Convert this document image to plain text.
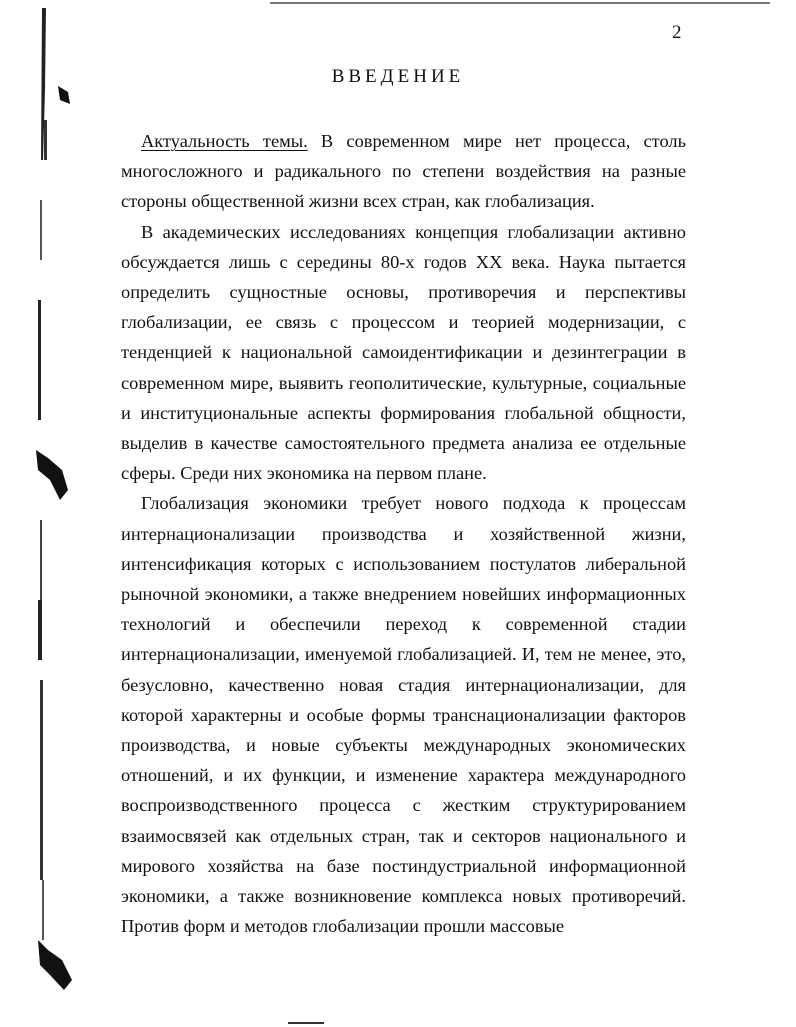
2
ВВЕДЕНИЕ

Актуальность темы. В современном мире нет процесса, столь многосложного и радикального по степени воздействия на разные стороны общественной жизни всех стран, как глобализация.

В академических исследованиях концепция глобализации активно обсуждается лишь с середины 80-х годов XX века. Наука пытается определить сущностные основы, противоречия и перспективы глобализации, ее связь с процессом и теорией модернизации, с тенденцией к национальной самоидентификации и дезинтеграции в современном мире, выявить геополитические, культурные, социальные и институциональные аспекты формирования глобальной общности, выделив в качестве самостоятельного предмета анализа ее отдельные сферы. Среди них экономика на первом плане.

Глобализация экономики требует нового подхода к процессам интернационализации производства и хозяйственной жизни, интенсификация которых с использованием постулатов либеральной рыночной экономики, а также внедрением новейших информационных технологий и обеспечили переход к современной стадии интернационализации, именуемой глобализацией. И, тем не менее, это, безусловно, качественно новая стадия интернационализации, для которой характерны и особые формы транснационализации факторов производства, и новые субъекты международных экономических отношений, и их функции, и изменение характера международного воспроизводственного процесса с жестким структурированием взаимосвязей как отдельных стран, так и секторов национального и мирового хозяйства на базе постиндустриальной информационной экономики, а также возникновение комплекса новых противоречий. Против форм и методов глобализации прошли массовые
